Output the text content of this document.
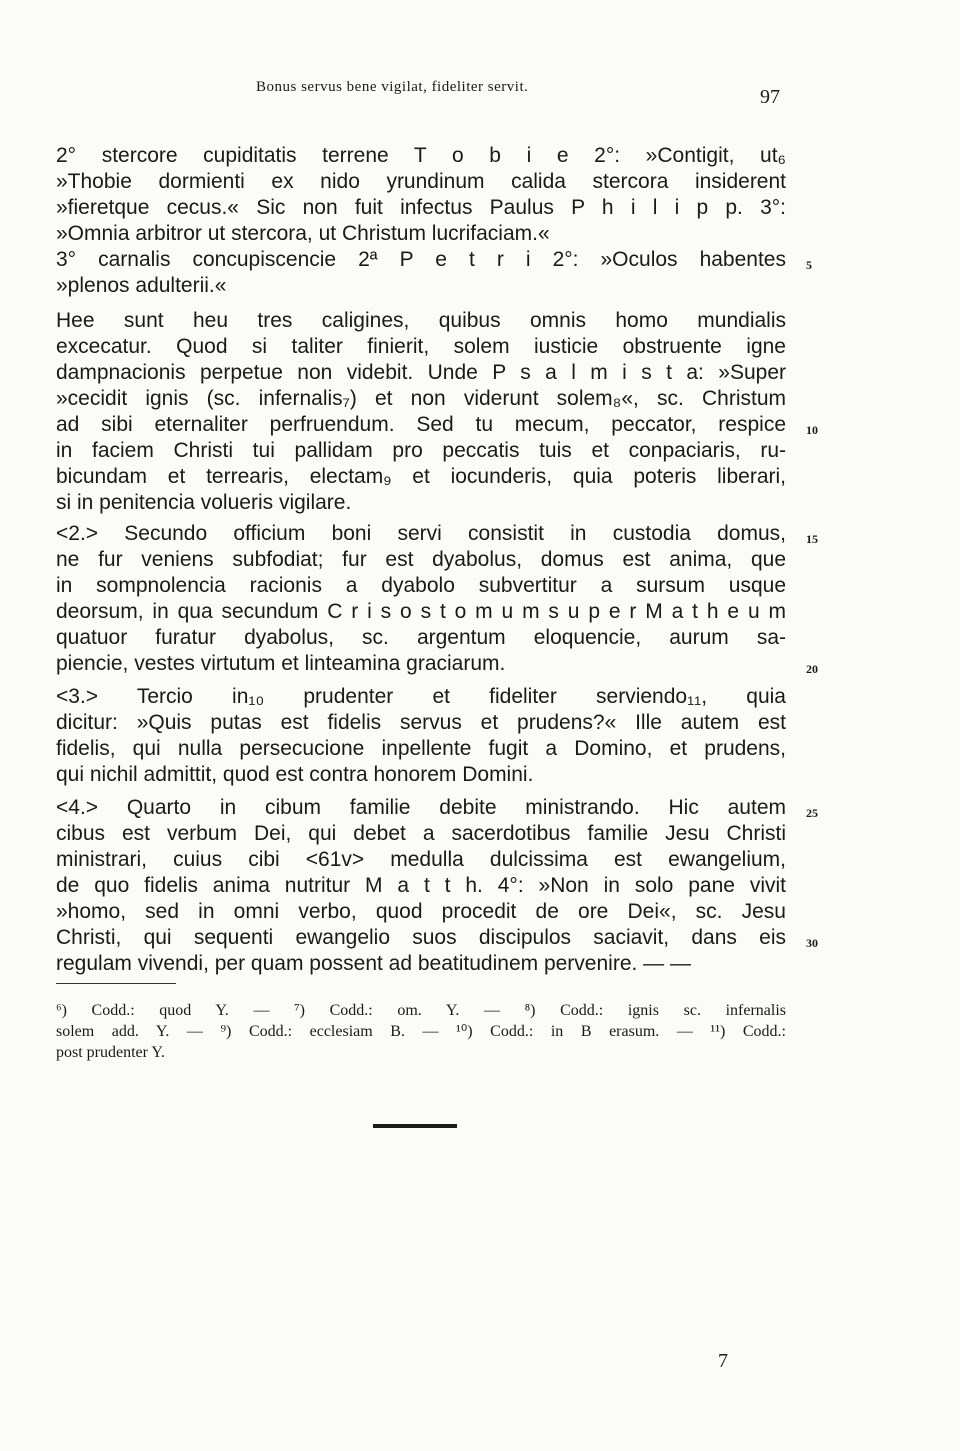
Bonus servus bene vigilat, fideliter servit.	97
2° stercore cupiditatis terrene T o b i e 2°: »Contigit, ut₆
»Thobie dormienti ex nido yrundinum calida stercora insiderent
»fieretque cecus.« Sic non fuit infectus Paulus P h i l i p p. 3°:
»Omnia arbitror ut stercora, ut Christum lucrifaciam.«
3° carnalis concupiscencie 2ª P e t r i 2°: »Oculos habentes
»plenos adulterii.«
Hee sunt heu tres caligines, quibus omnis homo mundialis
excecatur. Quod si taliter finierit, solem iusticie obstruente igne
dampnacionis perpetue non videbit. Unde P s a l m i s t a: »Super
»cecidit ignis (sc. infernalis₇) et non viderunt solem₈«, sc. Christum
ad sibi eternaliter perfruendum. Sed tu mecum, peccator, respice
in faciem Christi tui pallidam pro peccatis tuis et conpaciaris, ru-
bicundam et terrearis, electam₉ et iocunderis, quia poteris liberari,
si in penitencia volueris vigilare.
<2.> Secundo officium boni servi consistit in custodia domus,
ne fur veniens subfodiat; fur est dyabolus, domus est anima, que
in sompnolencia racionis a dyabolo subvertitur a sursum usque
deorsum, in qua secundum C r i s o s t o m u m s u p e r M a t h e u m
quatuor furatur dyabolus, sc. argentum eloquencie, aurum sa-
piencie, vestes virtutum et linteamina graciarum.
<3.> Tercio in₁₀ prudenter et fideliter serviendo₁₁, quia
dicitur: »Quis putas est fidelis servus et prudens?« Ille autem est
fidelis, qui nulla persecucione inpellente fugit a Domino, et prudens,
qui nichil admittit, quod est contra honorem Domini.
<4.> Quarto in cibum familie debite ministrando. Hic autem
cibus est verbum Dei, qui debet a sacerdotibus familie Jesu Christi
ministrari, cuius cibi <61v> medulla dulcissima est ewangelium,
de quo fidelis anima nutritur M a t t h. 4°: »Non in solo pane vivit
»homo, sed in omni verbo, quod procedit de ore Dei«, sc. Jesu
Christi, qui sequenti ewangelio suos discipulos saciavit, dans eis
regulam vivendi, per quam possent ad beatitudinem pervenire. — —
5
10
15
20
25
30
⁶) Codd.: quod Y. — ⁷) Codd.: om. Y. — ⁸) Codd.: ignis sc. infernalis
solem add. Y. — ⁹) Codd.: ecclesiam B. — ¹⁰) Codd.: in B erasum. — ¹¹) Codd.:
post prudenter Y.
7
